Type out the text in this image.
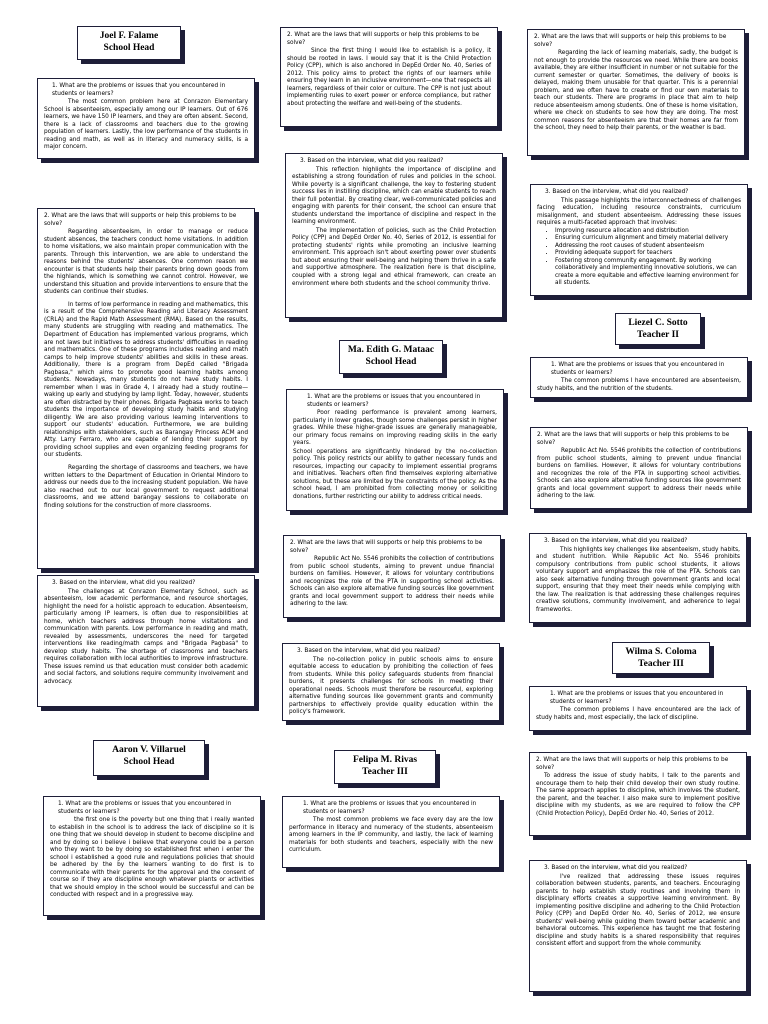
Joel F. Falame
School Head
1. What are the problems or issues that you encountered in students or learners?
The most common problem here at Conrazon Elementary School is absenteeism, especially among our IP learners. Out of 676 learners, we have 150 IP learners, and they are often absent. Second, there is a lack of classrooms and teachers due to the growing population of learners. Lastly, the low performance of the students in reading and math, as well as in literacy and numeracy skills, is a major concern.
2. What are the laws that will supports or help this problems to be solve?
Regarding absenteeism, in order to manage or reduce student absences, the teachers conduct home visitations. In addition to home visitations, we also maintain proper communication with the parents. Through this intervention, we are able to understand the reasons behind the students' absences. One common reason we encounter is that students help their parents bring down goods from the highlands, which is something we cannot control. However, we understand this situation and provide interventions to ensure that the students can continue their studies.
In terms of low performance in reading and mathematics, this is a result of the Comprehensive Reading and Literacy Assessment (CRLA) and the Rapid Math Assessment (RMA). Based on the results, many students are struggling with reading and mathematics. The Department of Education has implemented various programs, which are not laws but initiatives to address students' difficulties in reading and mathematics. One of these programs includes reading and math camps to help improve students' abilities and skills in these areas. Additionally, there is a program from DepEd called "Brigada Pagbasa," which aims to promote good learning habits among students. Nowadays, many students do not have study habits. I remember when I was in Grade 4, I already had a study routine—waking up early and studying by lamp light. Today, however, students are often distracted by their phones. Brigada Pagbasa works to teach students the importance of developing study habits and studying diligently. We are also providing various learning interventions to support our students' education. Furthermore, we are building relationships with stakeholders, such as Barangay Princess ACM and Atty. Larry Ferraro, who are capable of lending their support by providing school supplies and even organizing feeding programs for our students.
Regarding the shortage of classrooms and teachers, we have written letters to the Department of Education in Oriental Mindoro to address our needs due to the increasing student population. We have also reached out to our local government to request additional classrooms, and we attend barangay sessions to collaborate on finding solutions for the construction of more classrooms.
3. Based on the interview, what did you realized?
The challenges at Conrazon Elementary School, such as absenteeism, low academic performance, and resource shortages, highlight the need for a holistic approach to education. Absenteeism, particularly among IP learners, is often due to responsibilities at home, which teachers address through home visitations and communication with parents. Low performance in reading and math, revealed by assessments, underscores the need for targeted interventions like reading/math camps and "Brigada Pagbasa" to develop study habits. The shortage of classrooms and teachers requires collaboration with local authorities to improve infrastructure. These issues remind us that education must consider both academic and social factors, and solutions require community involvement and advocacy.
Aaron V. Villaruel
School Head
1. What are the problems or issues that you encountered in students or learners?
the first one is the poverty but one thing that i really wanted to establish in the school is to address the lack of discipline so it is one thing that we should develop in student to become discipline and and by doing so i believe i believe that everyone could be a person who they want to be by doing so established first when i enter the school i established a good rule and regulations policies that should be adhered by the by the learners wanting to do first is to communicate with their parents for the approval and the consent of course so if they are discipline enough whatever plants or activities that we should employ in the school would be successful and can be conducted with respect and in a progressive way.
2. What are the laws that will supports or help this problems to be solve?
Since the first thing I would like to establish is a policy, it should be rooted in laws. I would say that it is the Child Protection Policy (CPP), which is also anchored in DepEd Order No. 40, Series of 2012. This policy aims to protect the rights of our learners while ensuring they learn in an inclusive environment—one that respects all learners, regardless of their color or culture. The CPP is not just about implementing rules to exert power or enforce compliance, but rather about protecting the welfare and well-being of the students.
3. Based on the interview, what did you realized?
This reflection highlights the importance of discipline and establishing a strong foundation of rules and policies in the school. While poverty is a significant challenge, the key to fostering student success lies in instilling discipline, which can enable students to reach their full potential. By creating clear, well-communicated policies and engaging with parents for their consent, the school can ensure that students understand the importance of discipline and respect in the learning environment.
The implementation of policies, such as the Child Protection Policy (CPP) and DepEd Order No. 40, Series of 2012, is essential for protecting students' rights while promoting an inclusive learning environment. This approach isn't about exerting power over students but about ensuring their well-being and helping them thrive in a safe and supportive atmosphere. The realization here is that discipline, coupled with a strong legal and ethical framework, can create an environment where both students and the school community thrive.
Ma. Edith G. Mataac
School Head
1. What are the problems or issues that you encountered in students or learners?
Poor reading performance is prevalent among learners, particularly in lower grades, though some challenges persist in higher grades. While these higher-grade issues are generally manageable, our primary focus remains on improving reading skills in the early years.
School operations are significantly hindered by the no-collection policy. This policy restricts our ability to gather necessary funds and resources, impacting our capacity to implement essential programs and initiatives. Teachers often find themselves exploring alternative solutions, but these are limited by the constraints of the policy. As the school head, I am prohibited from collecting money or soliciting donations, further restricting our ability to address critical needs.
2. What are the laws that will supports or help this problems to be solve?
Republic Act No. 5546 prohibits the collection of contributions from public school students, aiming to prevent undue financial burdens on families. However, it allows for voluntary contributions and recognizes the role of the PTA in supporting school activities. Schools can also explore alternative funding sources like government grants and local government support to address their needs while adhering to the law.
3. Based on the interview, what did you realized?
The no-collection policy in public schools aims to ensure equitable access to education by prohibiting the collection of fees from students. While this policy safeguards students from financial burdens, it presents challenges for schools in meeting their operational needs. Schools must therefore be resourceful, exploring alternative funding sources like government grants and community partnerships to effectively provide quality education within the policy's framework.
Felipa M. Rivas
Teacher III
1. What are the problems or issues that you encountered in students or learners?
The most common problems we face every day are the low performance in literacy and numeracy of the students, absenteeism among learners in the IP community, and lastly, the lack of learning materials for both students and teachers, especially with the new curriculum.
2. What are the laws that will supports or help this problems to be solve?
Regarding the lack of learning materials, sadly, the budget is not enough to provide the resources we need. While there are books available, they are either insufficient in number or not suitable for the current semester or quarter. Sometimes, the delivery of books is delayed, making them unusable for that quarter. This is a perennial problem, and we often have to create or find our own materials to teach our students. There are programs in place that aim to help reduce absenteeism among students. One of these is home visitation, where we check on students to see how they are doing. The most common reasons for absenteeism are that their homes are far from the school, they need to help their parents, or the weather is bad.
3. Based on the interview, what did you realized?
This passage highlights the interconnectedness of challenges facing education, including resource constraints, curriculum misalignment, and student absenteeism. Addressing these issues requires a multi-faceted approach that involves:
• Improving resource allocation and distribution
• Ensuring curriculum alignment and timely material delivery
• Addressing the root causes of student absenteeism
• Providing adequate support for teachers
• Fostering strong community engagement. By working collaboratively and implementing innovative solutions, we can create a more equitable and effective learning environment for all students.
Liezel C. Sotto
Teacher II
1. What are the problems or issues that you encountered in students or learners?
The common problems I have encountered are absenteeism, study habits, and the nutrition of the students.
2. What are the laws that will supports or help this problems to be solve?
Republic Act No. 5546 prohibits the collection of contributions from public school students, aiming to prevent undue financial burdens on families. However, it allows for voluntary contributions and recognizes the role of the PTA in supporting school activities. Schools can also explore alternative funding sources like government grants and local government support to address their needs while adhering to the law.
3. Based on the interview, what did you realized?
This highlights key challenges like absenteeism, study habits, and student nutrition. While Republic Act No. 5546 prohibits compulsory contributions from public school students, it allows voluntary support and emphasizes the role of the PTA. Schools can also seek alternative funding through government grants and local support, ensuring that they meet their needs while complying with the law. The realization is that addressing these challenges requires creative solutions, community involvement, and adherence to legal frameworks.
Wilma S. Coloma
Teacher III
1. What are the problems or issues that you encountered in students or learners?
The common problems I have encountered are the lack of study habits and, most especially, the lack of discipline.
2. What are the laws that will supports or help this problems to be solve?
To address the issue of study habits, I talk to the parents and encourage them to help their child develop their own study routine. The same approach applies to discipline, which involves the student, the parent, and the teacher. I also make sure to implement positive discipline with my students, as we are required to follow the CPP (Child Protection Policy), DepEd Order No. 40, Series of 2012.
3. Based on the interview, what did you realized?
I've realized that addressing these issues requires collaboration between students, parents, and teachers. Encouraging parents to help establish study routines and involving them in disciplinary efforts creates a supportive learning environment. By implementing positive discipline and adhering to the Child Protection Policy (CPP) and DepEd Order No. 40, Series of 2012, we ensure students' well-being while guiding them toward better academic and behavioral outcomes. This experience has taught me that fostering discipline and study habits is a shared responsibility that requires consistent effort and support from the whole community.
